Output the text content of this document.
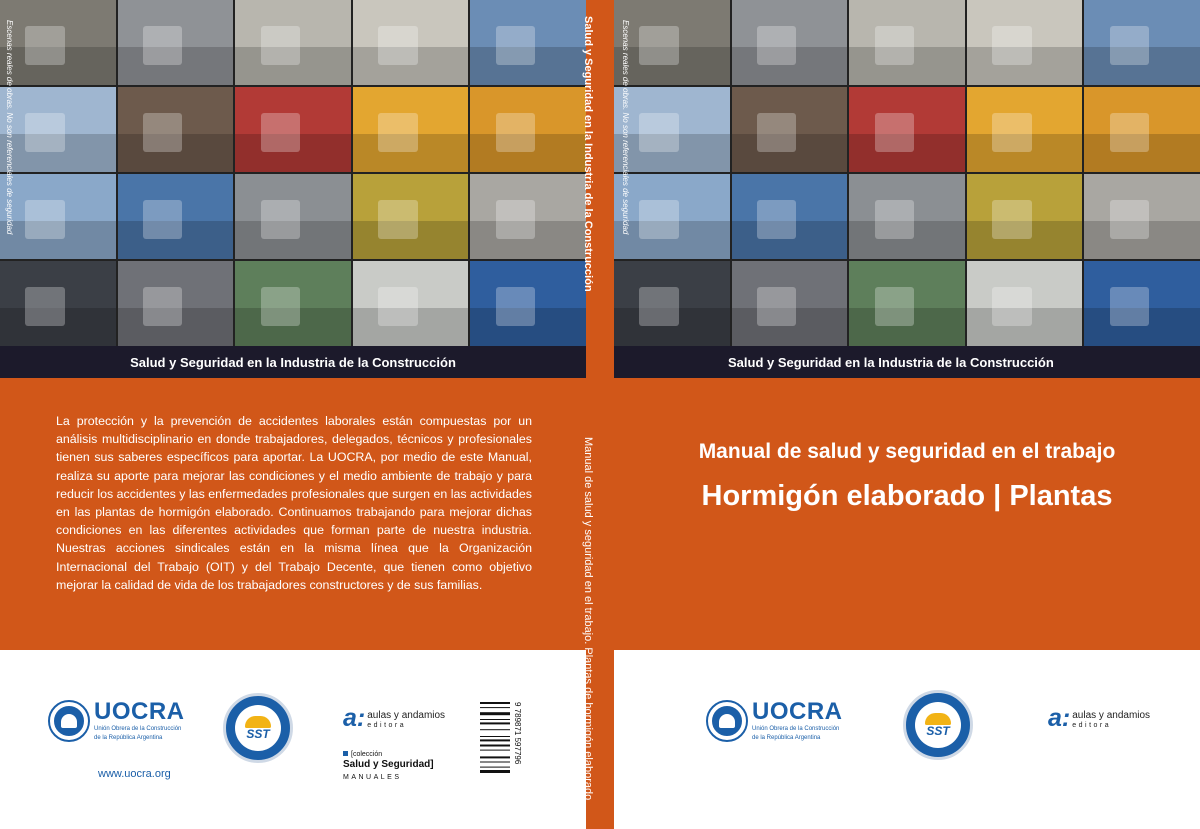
Escenas reales de obras. No son referenciales de seguridad	Escenas reales de obras. No son referenciales de seguridad
Salud y Seguridad en la Industria de la Construcción	Salud y Seguridad en la Industria de la Construcción

La protección y la prevención de accidentes laborales están compuestas por un análisis multidisciplinario en donde trabajadores, delegados, técnicos y profesionales tienen sus saberes específicos para aportar. La UOCRA, por medio de este Manual, realiza su aporte para mejorar las condiciones y el medio ambiente de trabajo y para reducir los accidentes y las enfermedades profesionales que surgen en las actividades en las plantas de hormigón elaborado. Continuamos trabajando para mejorar dichas condiciones en las diferentes actividades que forman parte de nuestra industria. Nuestras acciones sindicales están en la misma línea que la Organización Internacional del Trabajo (OIT) y del Trabajo Decente, que tienen como objetivo mejorar la calidad de vida de los trabajadores constructores y de sus familias.

Manual de salud y seguridad en el trabajo
Hormigón elaborado | Plantas
Salud y Seguridad en la Industria de la Construcción
Manual de salud y seguridad en el trabajo. Plantas de hormigón elaborado
UOCRA
Unión Obrera de la Construcción
de la República Argentina	SST
a: aulas y andamios
editora
[colección
Salud y Seguridad]
MANUALES
www.uocra.org
9 789871 597796	UOCRA
Unión Obrera de la Construcción
de la República Argentina
SST	a: aulas y andamios
editora
